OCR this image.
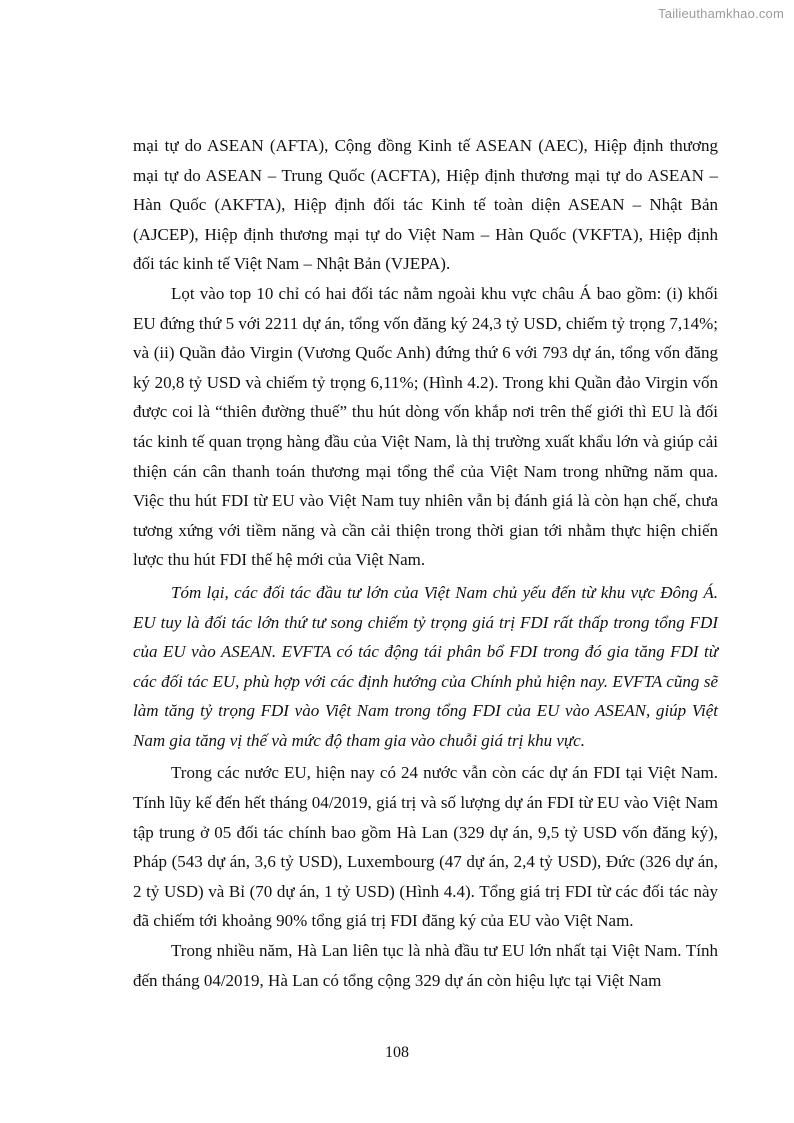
Tailieuthamkhao.com

mại tự do ASEAN (AFTA), Cộng đồng Kinh tế ASEAN (AEC), Hiệp định thương mại tự do ASEAN – Trung Quốc (ACFTA), Hiệp định thương mại tự do ASEAN – Hàn Quốc (AKFTA), Hiệp định đối tác Kinh tế toàn diện ASEAN – Nhật Bản (AJCEP), Hiệp định thương mại tự do Việt Nam – Hàn Quốc (VKFTA), Hiệp định đối tác kinh tế Việt Nam – Nhật Bản (VJEPA).

Lọt vào top 10 chỉ có hai đối tác nằm ngoài khu vực châu Á bao gồm: (i) khối EU đứng thứ 5 với 2211 dự án, tổng vốn đăng ký 24,3 tỷ USD, chiếm tỷ trọng 7,14%; và (ii) Quần đảo Virgin (Vương Quốc Anh) đứng thứ 6 với 793 dự án, tổng vốn đăng ký 20,8 tỷ USD và chiếm tỷ trọng 6,11%; (Hình 4.2). Trong khi Quần đảo Virgin vốn được coi là “thiên đường thuế” thu hút dòng vốn khắp nơi trên thế giới thì EU là đối tác kinh tế quan trọng hàng đầu của Việt Nam, là thị trường xuất khẩu lớn và giúp cải thiện cán cân thanh toán thương mại tổng thể của Việt Nam trong những năm qua. Việc thu hút FDI từ EU vào Việt Nam tuy nhiên vẫn bị đánh giá là còn hạn chế, chưa tương xứng với tiềm năng và cần cải thiện trong thời gian tới nhằm thực hiện chiến lược thu hút FDI thế hệ mới của Việt Nam.

Tóm lại, các đối tác đầu tư lớn của Việt Nam chủ yếu đến từ khu vực Đông Á. EU tuy là đối tác lớn thứ tư song chiếm tỷ trọng giá trị FDI rất thấp trong tổng FDI của EU vào ASEAN. EVFTA có tác động tái phân bổ FDI trong đó gia tăng FDI từ các đối tác EU, phù hợp với các định hướng của Chính phủ hiện nay. EVFTA cũng sẽ làm tăng tỷ trọng FDI vào Việt Nam trong tổng FDI của EU vào ASEAN, giúp Việt Nam gia tăng vị thế và mức độ tham gia vào chuỗi giá trị khu vực.

Trong các nước EU, hiện nay có 24 nước vẫn còn các dự án FDI tại Việt Nam. Tính lũy kế đến hết tháng 04/2019, giá trị và số lượng dự án FDI từ EU vào Việt Nam tập trung ở 05 đối tác chính bao gồm Hà Lan (329 dự án, 9,5 tỷ USD vốn đăng ký), Pháp (543 dự án, 3,6 tỷ USD), Luxembourg (47 dự án, 2,4 tỷ USD), Đức (326 dự án, 2 tỷ USD) và Bỉ (70 dự án, 1 tỷ USD) (Hình 4.4). Tổng giá trị FDI từ các đối tác này đã chiếm tới khoảng 90% tổng giá trị FDI đăng ký của EU vào Việt Nam.

Trong nhiều năm, Hà Lan liên tục là nhà đầu tư EU lớn nhất tại Việt Nam. Tính đến tháng 04/2019, Hà Lan có tổng cộng 329 dự án còn hiệu lực tại Việt Nam

108
